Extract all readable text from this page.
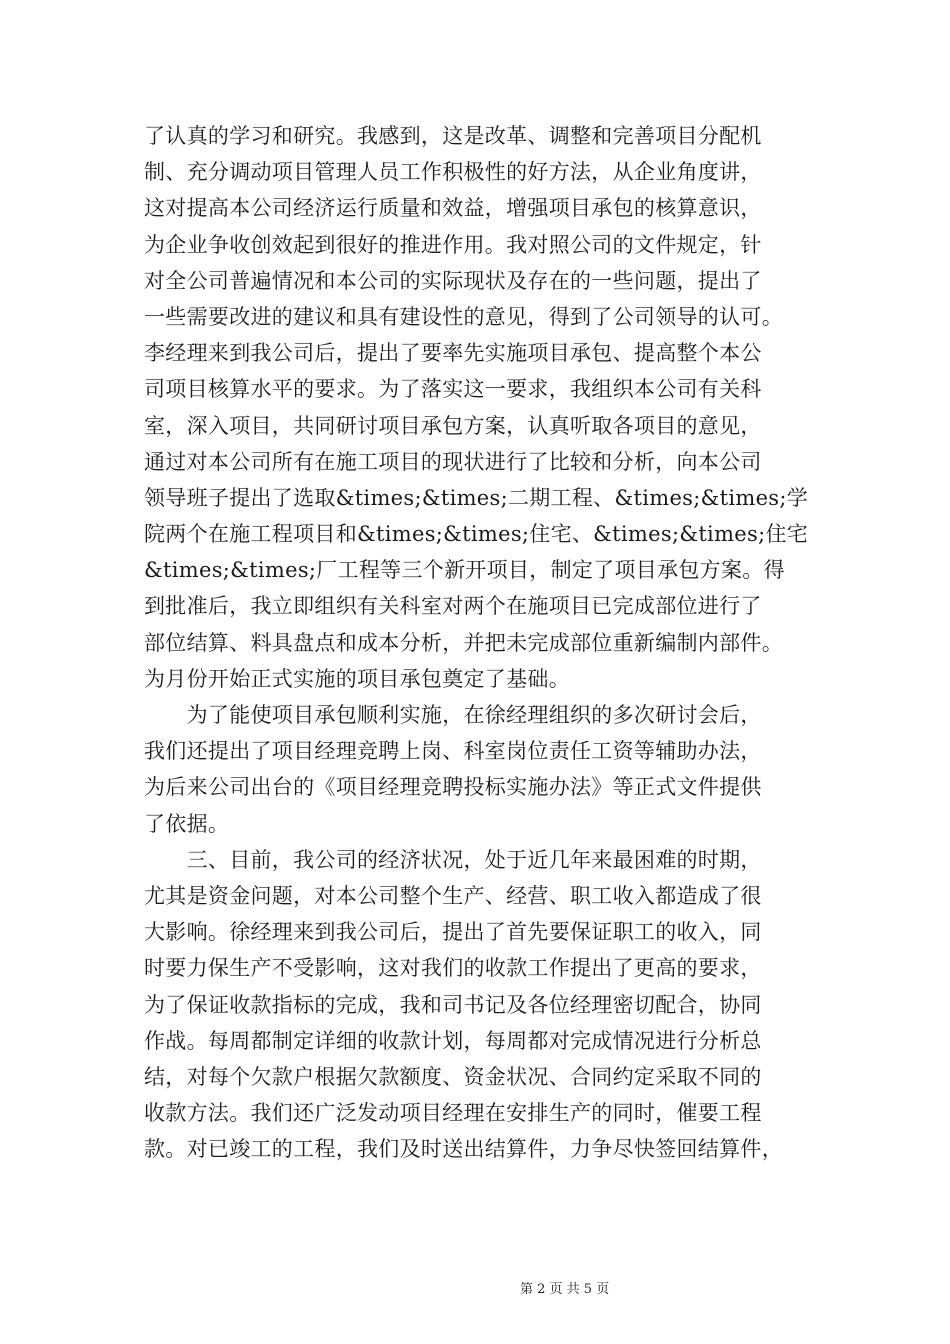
了认真的学习和研究。我感到，这是改革、调整和完善项目分配机
制、充分调动项目管理人员工作积极性的好方法，从企业角度讲，
这对提高本公司经济运行质量和效益，增强项目承包的核算意识，
为企业争收创效起到很好的推进作用。我对照公司的文件规定，针
对全公司普遍情况和本公司的实际现状及存在的一些问题，提出了
一些需要改进的建议和具有建设性的意见，得到了公司领导的认可。
李经理来到我公司后，提出了要率先实施项目承包、提高整个本公
司项目核算水平的要求。为了落实这一要求，我组织本公司有关科
室，深入项目，共同研讨项目承包方案，认真听取各项目的意见，
通过对本公司所有在施工项目的现状进行了比较和分析，向本公司
领导班子提出了选取&times;&times;二期工程、&times;&times;学
院两个在施工程项目和&times;&times;住宅、&times;&times;住宅
&times;&times;厂工程等三个新开项目，制定了项目承包方案。得
到批准后，我立即组织有关科室对两个在施项目已完成部位进行了
部位结算、料具盘点和成本分析，并把未完成部位重新编制内部件。
为月份开始正式实施的项目承包奠定了基础。
　　为了能使项目承包顺利实施，在徐经理组织的多次研讨会后，
我们还提出了项目经理竞聘上岗、科室岗位责任工资等辅助办法，
为后来公司出台的《项目经理竞聘投标实施办法》等正式文件提供
了依据。
　　三、目前，我公司的经济状况，处于近几年来最困难的时期，
尤其是资金问题，对本公司整个生产、经营、职工收入都造成了很
大影响。徐经理来到我公司后，提出了首先要保证职工的收入，同
时要力保生产不受影响，这对我们的收款工作提出了更高的要求，
为了保证收款指标的完成，我和司书记及各位经理密切配合，协同
作战。每周都制定详细的收款计划，每周都对完成情况进行分析总
结，对每个欠款户根据欠款额度、资金状况、合同约定采取不同的
收款方法。我们还广泛发动项目经理在安排生产的同时，催要工程
款。对已竣工的工程，我们及时送出结算件，力争尽快签回结算件，
第 2 页 共 5 页
